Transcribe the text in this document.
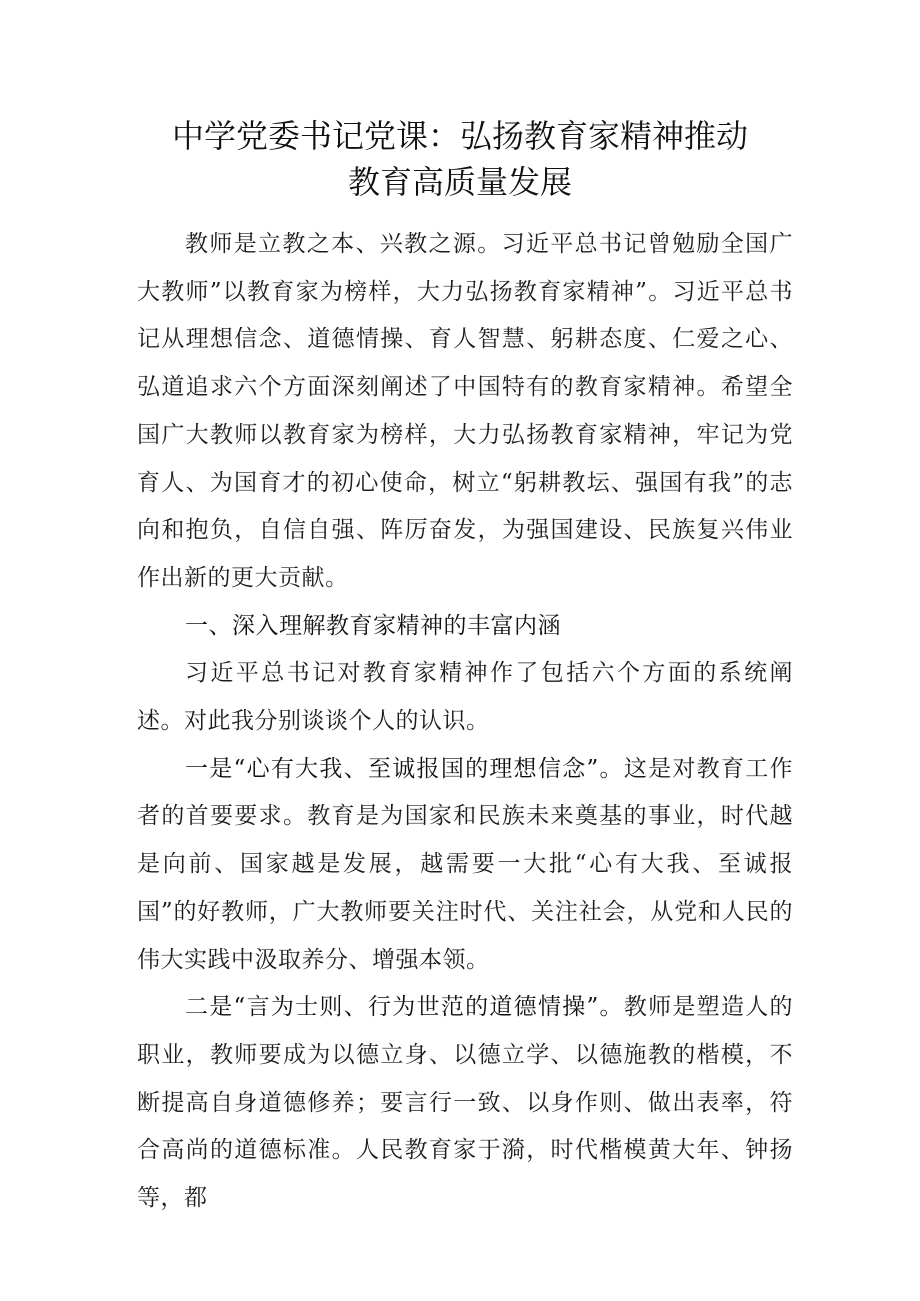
中学党委书记党课：弘扬教育家精神推动
教育高质量发展

教师是立教之本、兴教之源。习近平总书记曾勉励全国广大教师”以教育家为榜样，大力弘扬教育家精神”。习近平总书记从理想信念、道德情操、育人智慧、躬耕态度、仁爱之心、弘道追求六个方面深刻阐述了中国特有的教育家精神。希望全国广大教师以教育家为榜样，大力弘扬教育家精神，牢记为党育人、为国育才的初心使命，树立“躬耕教坛、强国有我”的志向和抱负，自信自强、阵厉奋发，为强国建设、民族复兴伟业作出新的更大贡献。

一、深入理解教育家精神的丰富内涵

习近平总书记对教育家精神作了包括六个方面的系统阐述。对此我分别谈谈个人的认识。

一是“心有大我、至诚报国的理想信念”。这是对教育工作者的首要要求。教育是为国家和民族未来奠基的事业，时代越是向前、国家越是发展，越需要一大批“心有大我、至诚报国”的好教师，广大教师要关注时代、关注社会，从党和人民的伟大实践中汲取养分、增强本领。

二是“言为士则、行为世范的道德情操”。教师是塑造人的职业，教师要成为以德立身、以德立学、以德施教的楷模，不断提高自身道德修养；要言行一致、以身作则、做出表率，符合高尚的道德标准。人民教育家于漪，时代楷模黄大年、钟扬等，都
